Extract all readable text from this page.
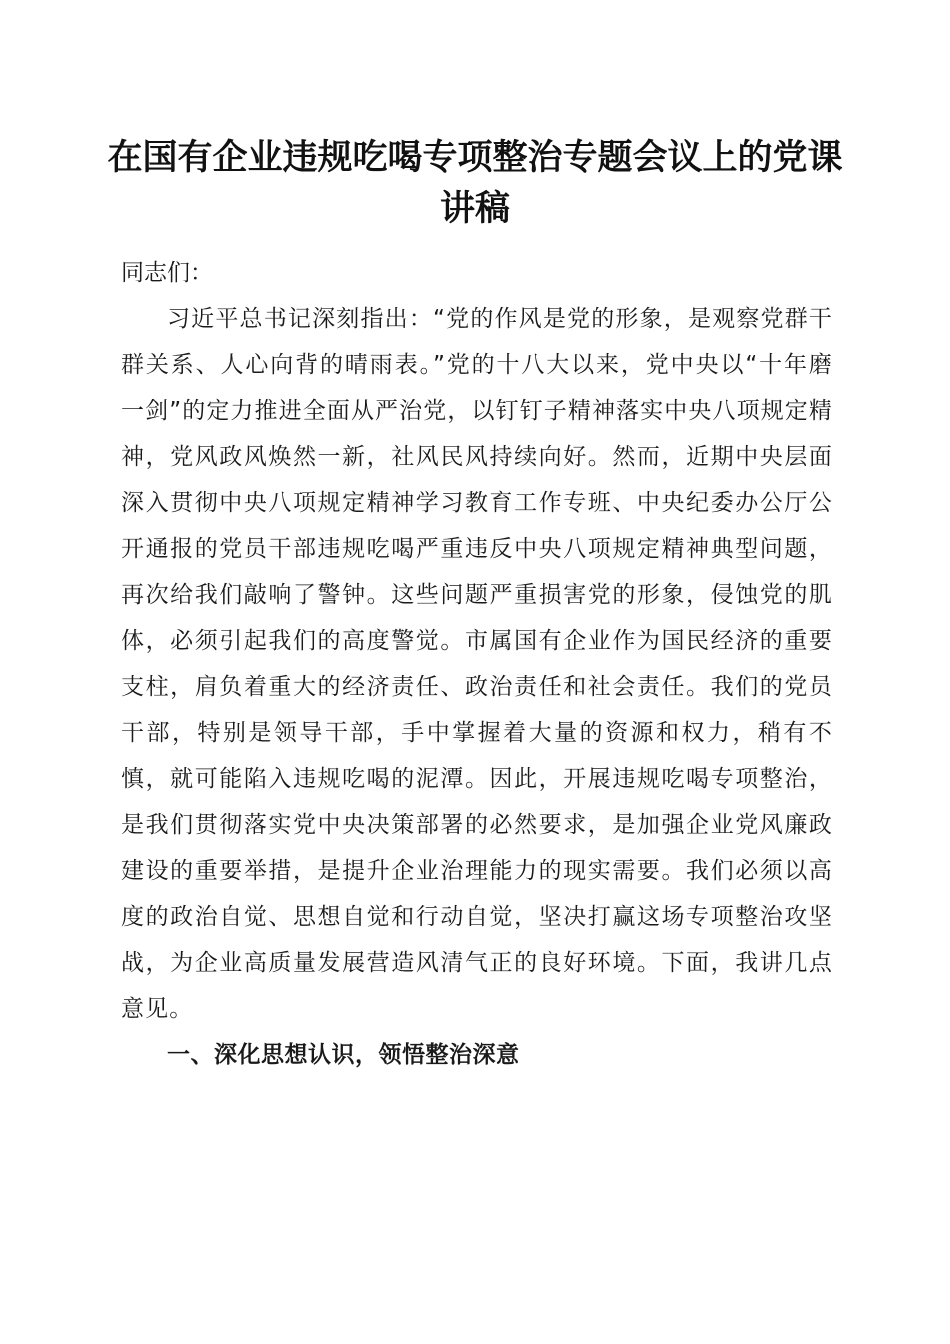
在国有企业违规吃喝专项整治专题会议上的党课讲稿

同志们：

习近平总书记深刻指出：“党的作风是党的形象，是观察党群干群关系、人心向背的晴雨表。”党的十八大以来，党中央以“十年磨一剑”的定力推进全面从严治党，以钉钉子精神落实中央八项规定精神，党风政风焕然一新，社风民风持续向好。然而，近期中央层面深入贯彻中央八项规定精神学习教育工作专班、中央纪委办公厅公开通报的党员干部违规吃喝严重违反中央八项规定精神典型问题，再次给我们敲响了警钟。这些问题严重损害党的形象，侵蚀党的肌体，必须引起我们的高度警觉。市属国有企业作为国民经济的重要支柱，肩负着重大的经济责任、政治责任和社会责任。我们的党员干部，特别是领导干部，手中掌握着大量的资源和权力，稍有不慎，就可能陷入违规吃喝的泥潭。因此，开展违规吃喝专项整治，是我们贯彻落实党中央决策部署的必然要求，是加强企业党风廉政建设的重要举措，是提升企业治理能力的现实需要。我们必须以高度的政治自觉、思想自觉和行动自觉，坚决打赢这场专项整治攻坚战，为企业高质量发展营造风清气正的良好环境。下面，我讲几点意见。

一、深化思想认识，领悟整治深意
